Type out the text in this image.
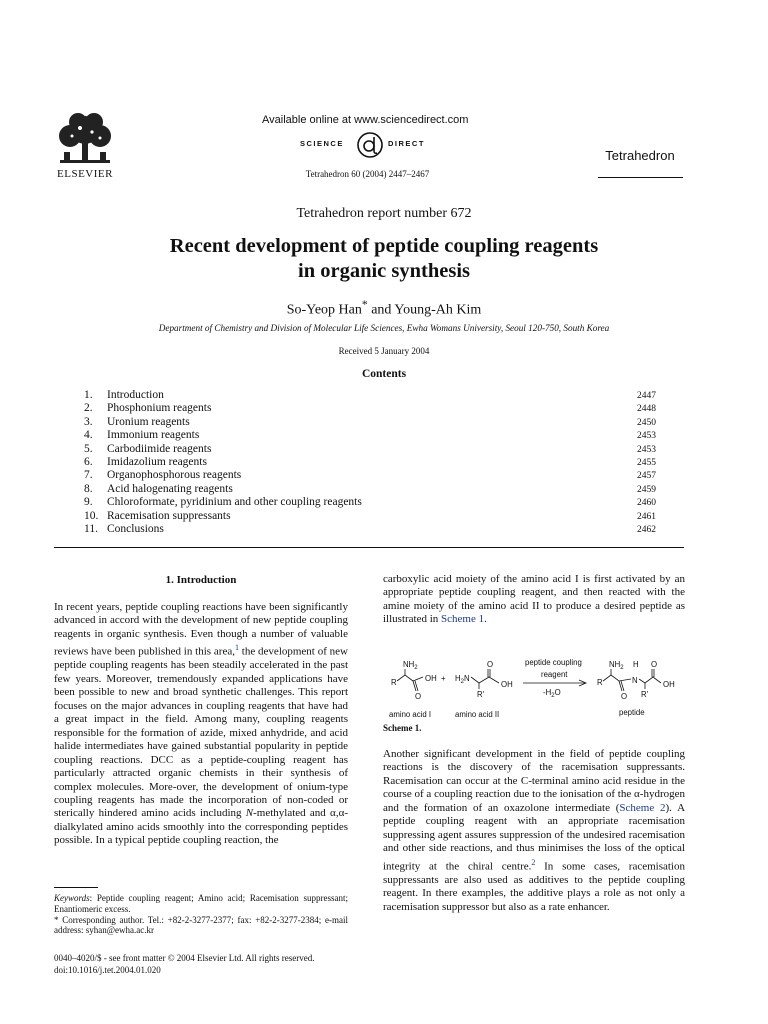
ELSEVIER
Available online at www.sciencedirect.com
SCIENCE	DIRECT
Tetrahedron 60 (2004) 2447–2467
Tetrahedron
Tetrahedron report number 672
Recent development of peptide coupling reagents
in organic synthesis
So-Yeop Han* and Young-Ah Kim
Department of Chemistry and Division of Molecular Life Sciences, Ewha Womans University, Seoul 120-750, South Korea
Received 5 January 2004
Contents
1. Introduction	2447
2. Phosphonium reagents	2448
3. Uronium reagents	2450
4. Immonium reagents	2453
5. Carbodiimide reagents	2453
6. Imidazolium reagents	2455
7. Organophosphorous reagents	2457
8. Acid halogenating reagents	2459
9. Chloroformate, pyridinium and other coupling reagents	2460
10. Racemisation suppressants	2461
11. Conclusions	2462
1. Introduction
In recent years, peptide coupling reactions have been significantly advanced in accord with the development of new peptide coupling reagents in organic synthesis. Even though a number of valuable reviews have been published in this area,$^1$ the development of new peptide coupling reagents has been steadily accelerated in the past few years. Moreover, tremendously expanded applications have been possible to new and broad synthetic challenges. This report focuses on the major advances in coupling reagents that have had a great impact in the field. Among many, coupling reagents responsible for the formation of azide, mixed anhydride, and acid halide intermediates have gained substantial popularity in peptide coupling reactions. DCC as a peptide-coupling reagent has particularly attracted organic chemists in their synthesis of complex molecules. More-over, the development of onium-type coupling reagents has made the incorporation of non-coded or sterically hindered amino acids including N-methylated and α,α-dialkylated amino acids smoothly into the corresponding peptides possible. In a typical peptide coupling reaction, the
Keywords: Peptide coupling reagent; Amino acid; Racemisation suppressant; Enantiomeric excess.
* Corresponding author. Tel.: +82-2-3277-2377; fax: +82-2-3277-2384; e-mail address: syhan@ewha.ac.kr
0040–4020/$ - see front matter © 2004 Elsevier Ltd. All rights reserved.
doi:10.1016/j.tet.2004.01.020
carboxylic acid moiety of the amino acid I is first activated by an appropriate peptide coupling reagent, and then reacted with the amine moiety of the amino acid II to produce a desired peptide as illustrated in Scheme 1.
$NH_2$
R	OH
O
+ $H_2N$
O
OH
R'
peptide coupling
reagent
$-H_2O$
$NH_2$ H O
R	N	OH
O R'
amino acid I	amino acid II	peptide
Scheme 1.
Another significant development in the field of peptide coupling reactions is the discovery of the racemisation suppressants. Racemisation can occur at the C-terminal amino acid residue in the course of a coupling reaction due to the ionisation of the α-hydrogen and the formation of an oxazolone intermediate (Scheme 2). A peptide coupling reagent with an appropriate racemisation suppressing agent assures suppression of the undesired racemisation and other side reactions, and thus minimises the loss of the optical integrity at the chiral centre.$^2$ In some cases, racemisation suppressants are also used as additives to the peptide coupling reagent. In there examples, the additive plays a role as not only a racemisation suppressor but also as a rate enhancer.
